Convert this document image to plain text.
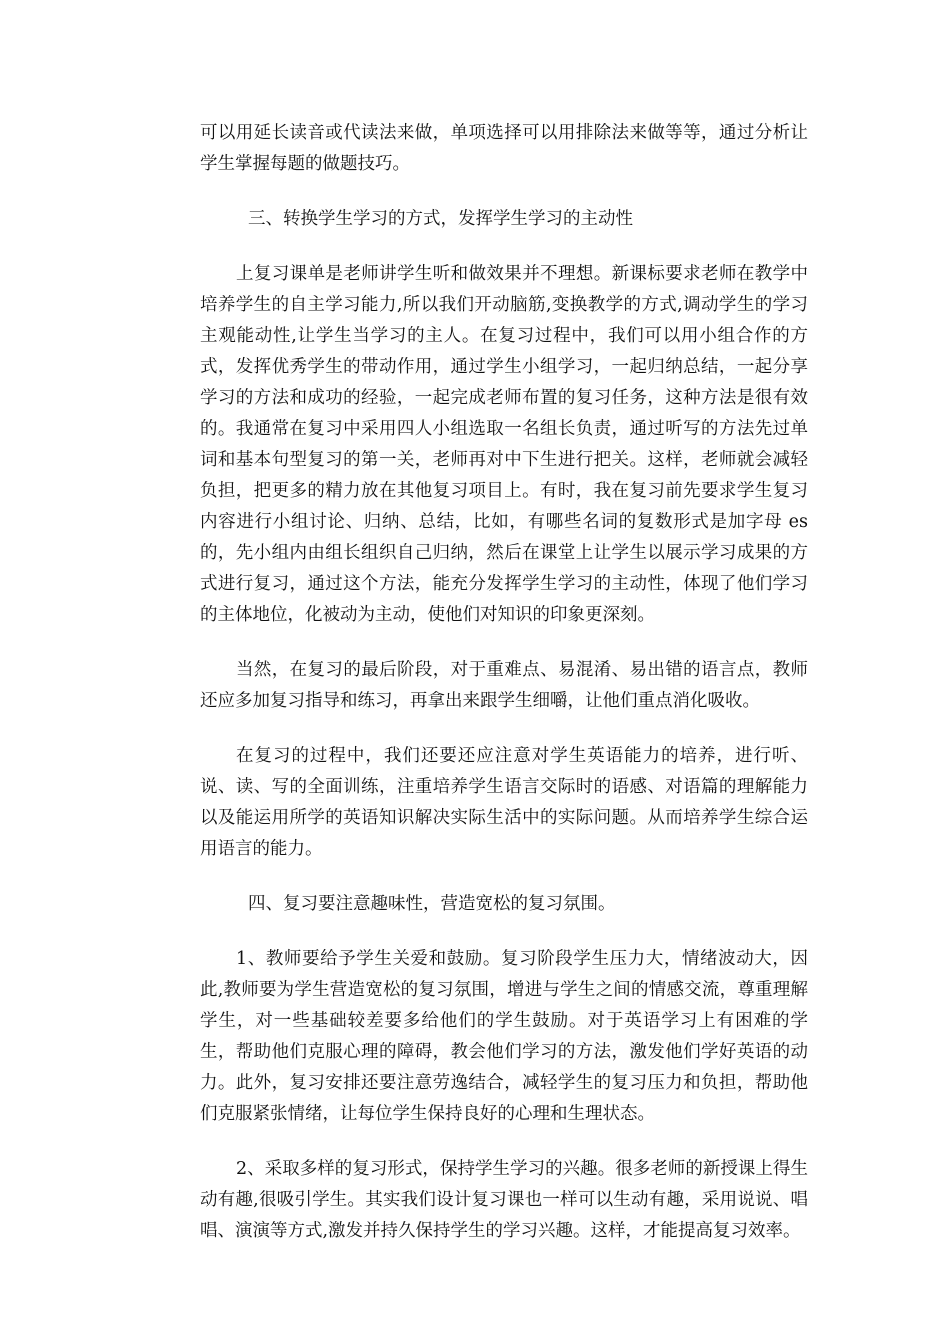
可以用延长读音或代读法来做，单项选择可以用排除法来做等等，通过分析让学生掌握每题的做题技巧。

三、转换学生学习的方式，发挥学生学习的主动性

上复习课单是老师讲学生听和做效果并不理想。新课标要求老师在教学中培养学生的自主学习能力,所以我们开动脑筋,变换教学的方式,调动学生的学习主观能动性,让学生当学习的主人。在复习过程中，我们可以用小组合作的方式，发挥优秀学生的带动作用，通过学生小组学习，一起归纳总结，一起分享学习的方法和成功的经验，一起完成老师布置的复习任务，这种方法是很有效的。我通常在复习中采用四人小组选取一名组长负责，通过听写的方法先过单词和基本句型复习的第一关，老师再对中下生进行把关。这样，老师就会减轻负担，把更多的精力放在其他复习项目上。有时，我在复习前先要求学生复习内容进行小组讨论、归纳、总结，比如，有哪些名词的复数形式是加字母 es 的，先小组内由组长组织自己归纳，然后在课堂上让学生以展示学习成果的方式进行复习，通过这个方法，能充分发挥学生学习的主动性，体现了他们学习的主体地位，化被动为主动，使他们对知识的印象更深刻。

当然，在复习的最后阶段，对于重难点、易混淆、易出错的语言点，教师还应多加复习指导和练习，再拿出来跟学生细嚼，让他们重点消化吸收。

在复习的过程中，我们还要还应注意对学生英语能力的培养，进行听、说、读、写的全面训练，注重培养学生语言交际时的语感、对语篇的理解能力以及能运用所学的英语知识解决实际生活中的实际问题。从而培养学生综合运用语言的能力。

四、复习要注意趣味性，营造宽松的复习氛围。

1、教师要给予学生关爱和鼓励。复习阶段学生压力大，情绪波动大，因此,教师要为学生营造宽松的复习氛围，增进与学生之间的情感交流，尊重理解学生，对一些基础较差要多给他们的学生鼓励。对于英语学习上有困难的学生，帮助他们克服心理的障碍，教会他们学习的方法，激发他们学好英语的动力。此外，复习安排还要注意劳逸结合，减轻学生的复习压力和负担，帮助他们克服紧张情绪，让每位学生保持良好的心理和生理状态。

2、采取多样的复习形式，保持学生学习的兴趣。很多老师的新授课上得生动有趣,很吸引学生。其实我们设计复习课也一样可以生动有趣，采用说说、唱唱、演演等方式,激发并持久保持学生的学习兴趣。这样，才能提高复习效率。
